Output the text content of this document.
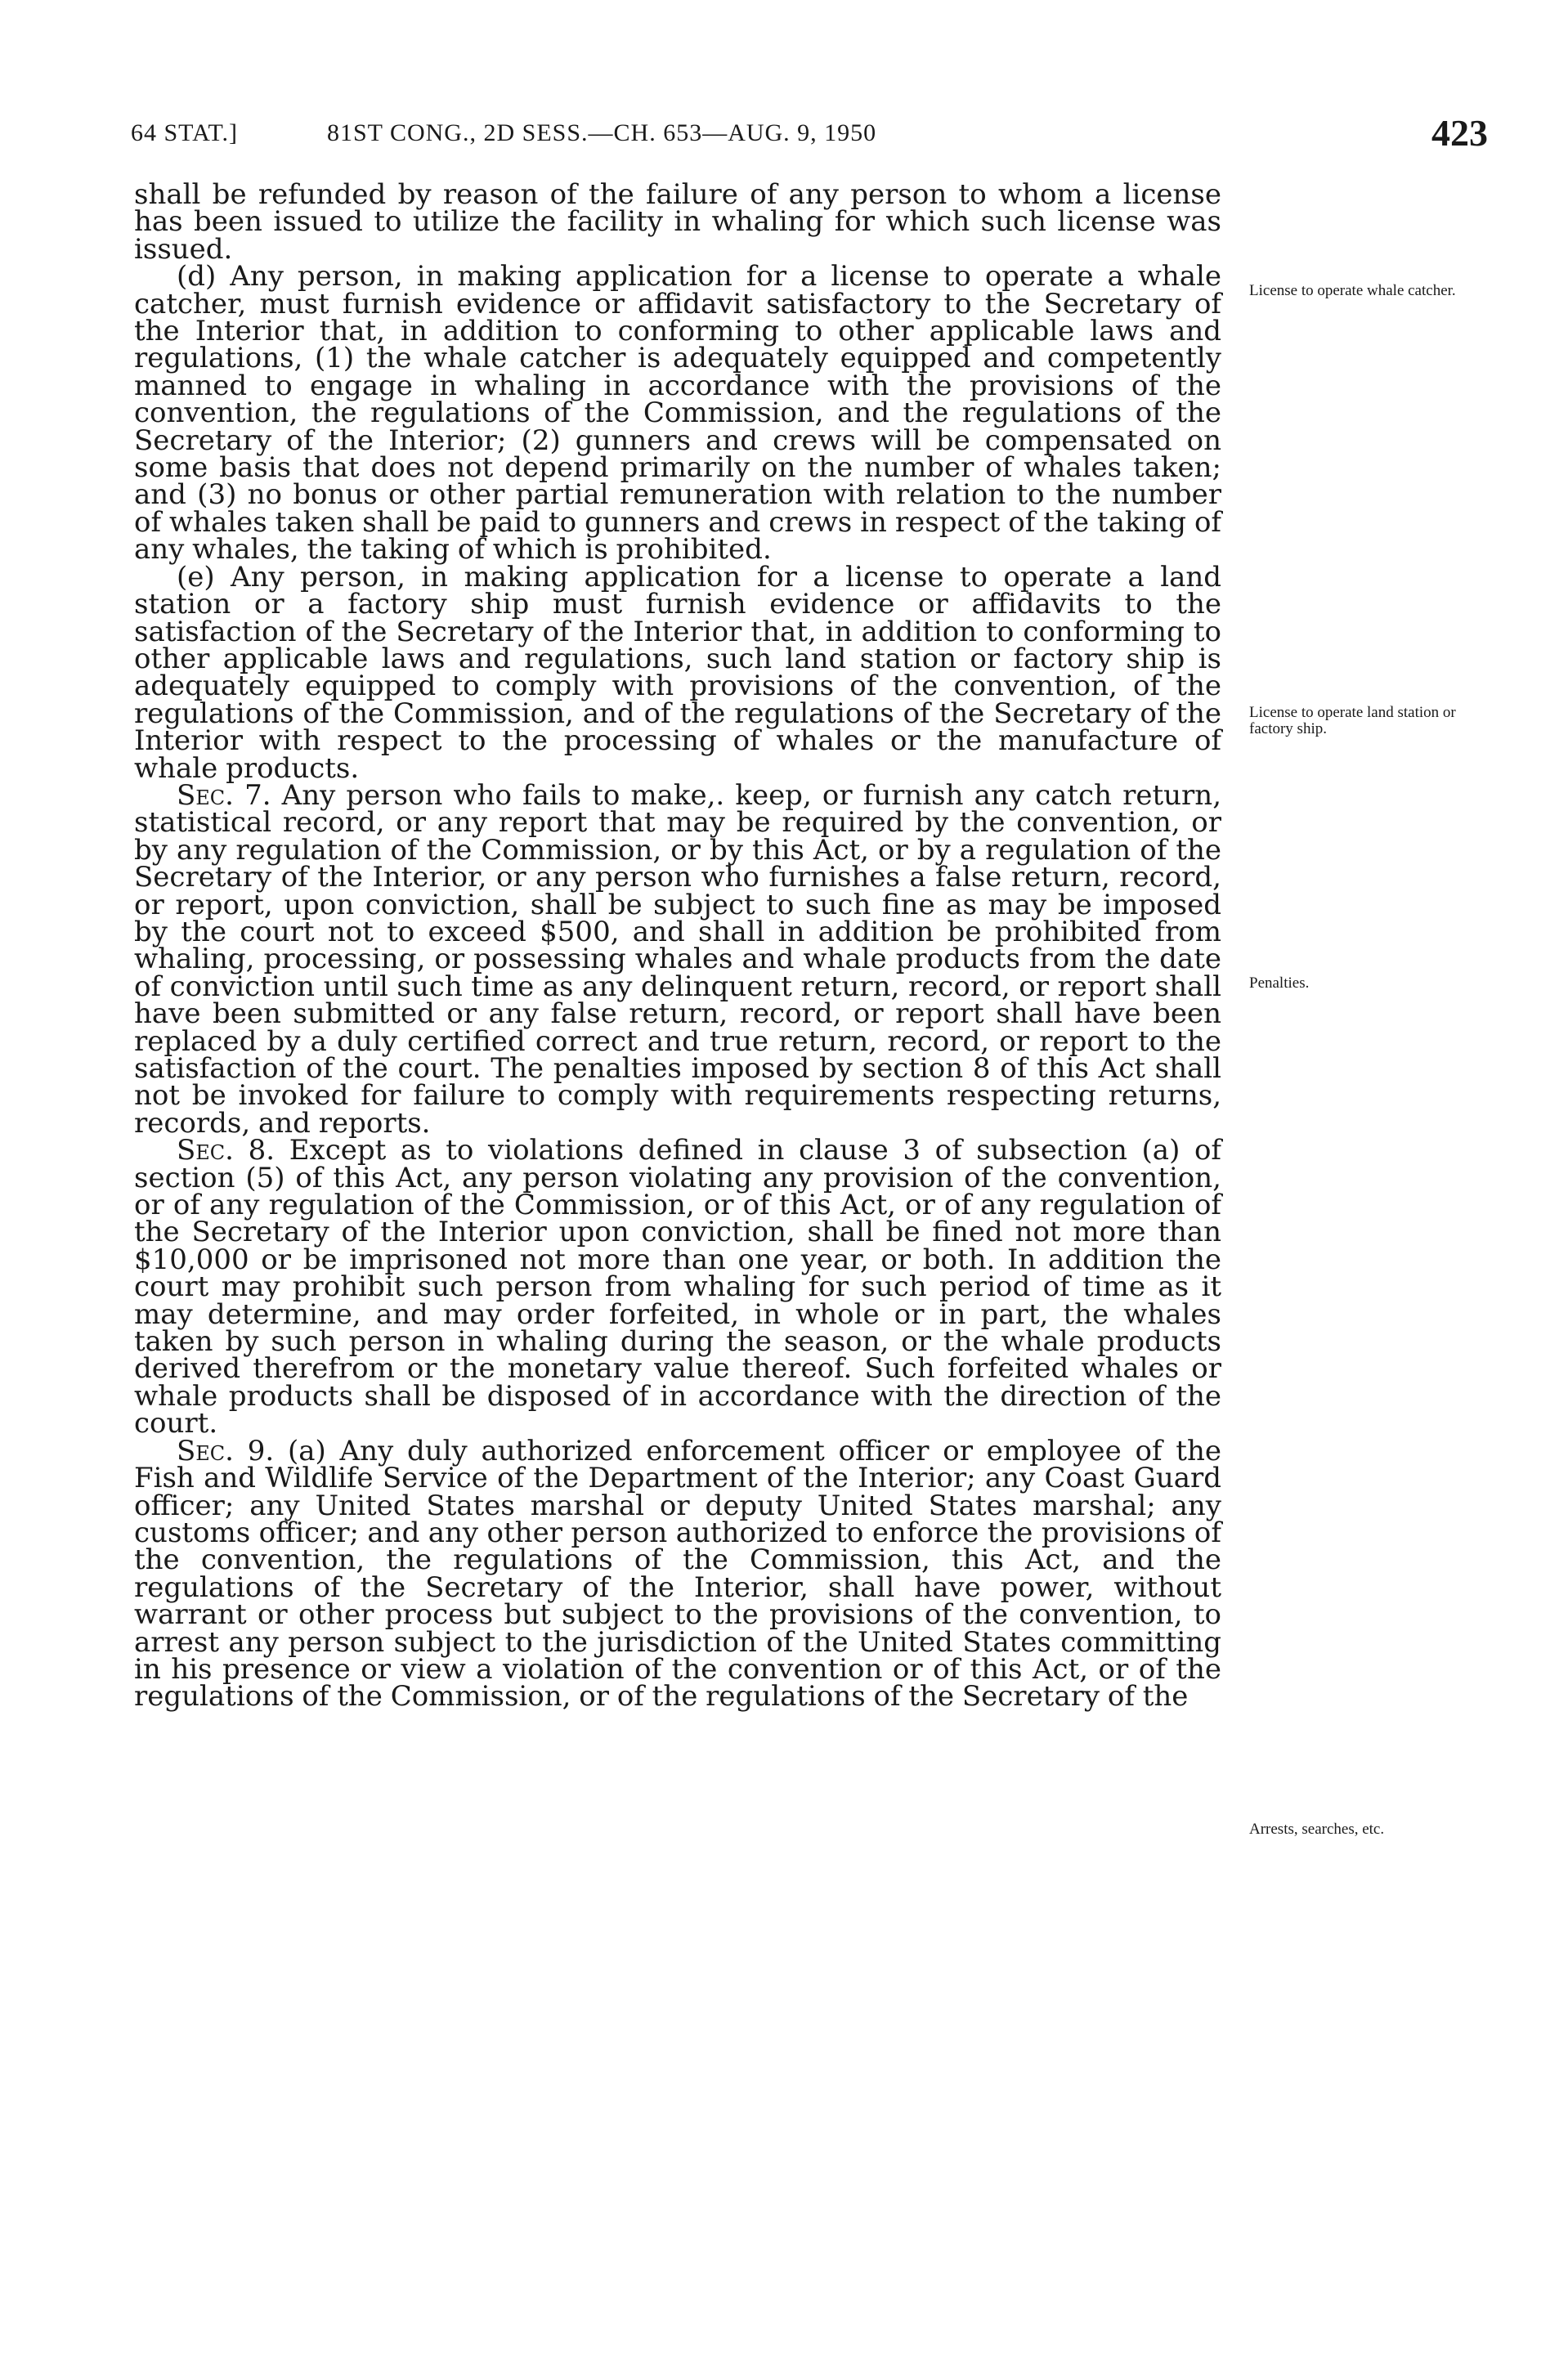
64 STAT.]	81ST CONG., 2D SESS.—CH. 653—AUG. 9, 1950	423

shall be refunded by reason of the failure of any person to whom a license has been issued to utilize the facility in whaling for which such license was issued.

(d) Any person, in making application for a license to operate a whale catcher, must furnish evidence or affidavit satisfactory to the Secretary of the Interior that, in addition to conforming to other applicable laws and regulations, (1) the whale catcher is adequately equipped and competently manned to engage in whaling in accordance with the provisions of the convention, the regulations of the Commission, and the regulations of the Secretary of the Interior; (2) gunners and crews will be compensated on some basis that does not depend primarily on the number of whales taken; and (3) no bonus or other partial remuneration with relation to the number of whales taken shall be paid to gunners and crews in respect of the taking of any whales, the taking of which is prohibited.

(e) Any person, in making application for a license to operate a land station or a factory ship must furnish evidence or affidavits to the satisfaction of the Secretary of the Interior that, in addition to conforming to other applicable laws and regulations, such land station or factory ship is adequately equipped to comply with provisions of the convention, of the regulations of the Commission, and of the regulations of the Secretary of the Interior with respect to the processing of whales or the manufacture of whale products.

Sec. 7. Any person who fails to make,. keep, or furnish any catch return, statistical record, or any report that may be required by the convention, or by any regulation of the Commission, or by this Act, or by a regulation of the Secretary of the Interior, or any person who furnishes a false return, record, or report, upon conviction, shall be subject to such fine as may be imposed by the court not to exceed $500, and shall in addition be prohibited from whaling, processing, or possessing whales and whale products from the date of conviction until such time as any delinquent return, record, or report shall have been submitted or any false return, record, or report shall have been replaced by a duly certified correct and true return, record, or report to the satisfaction of the court. The penalties imposed by section 8 of this Act shall not be invoked for failure to comply with requirements respecting returns, records, and reports.

Sec. 8. Except as to violations defined in clause 3 of subsection (a) of section (5) of this Act, any person violating any provision of the convention, or of any regulation of the Commission, or of this Act, or of any regulation of the Secretary of the Interior upon conviction, shall be fined not more than $10,000 or be imprisoned not more than one year, or both. In addition the court may prohibit such person from whaling for such period of time as it may determine, and may order forfeited, in whole or in part, the whales taken by such person in whaling during the season, or the whale products derived therefrom or the monetary value thereof. Such forfeited whales or whale products shall be disposed of in accordance with the direction of the court.

Sec. 9. (a) Any duly authorized enforcement officer or employee of the Fish and Wildlife Service of the Department of the Interior; any Coast Guard officer; any United States marshal or deputy United States marshal; any customs officer; and any other person authorized to enforce the provisions of the convention, the regulations of the Commission, this Act, and the regulations of the Secretary of the Interior, shall have power, without warrant or other process but subject to the provisions of the convention, to arrest any person subject to the jurisdiction of the United States committing in his presence or view a violation of the convention or of this Act, or of the regulations of the Commission, or of the regulations of the Secretary of the

License to operate whale catcher.
License to operate land station or factory ship.
Penalties.
Arrests, searches, etc.
